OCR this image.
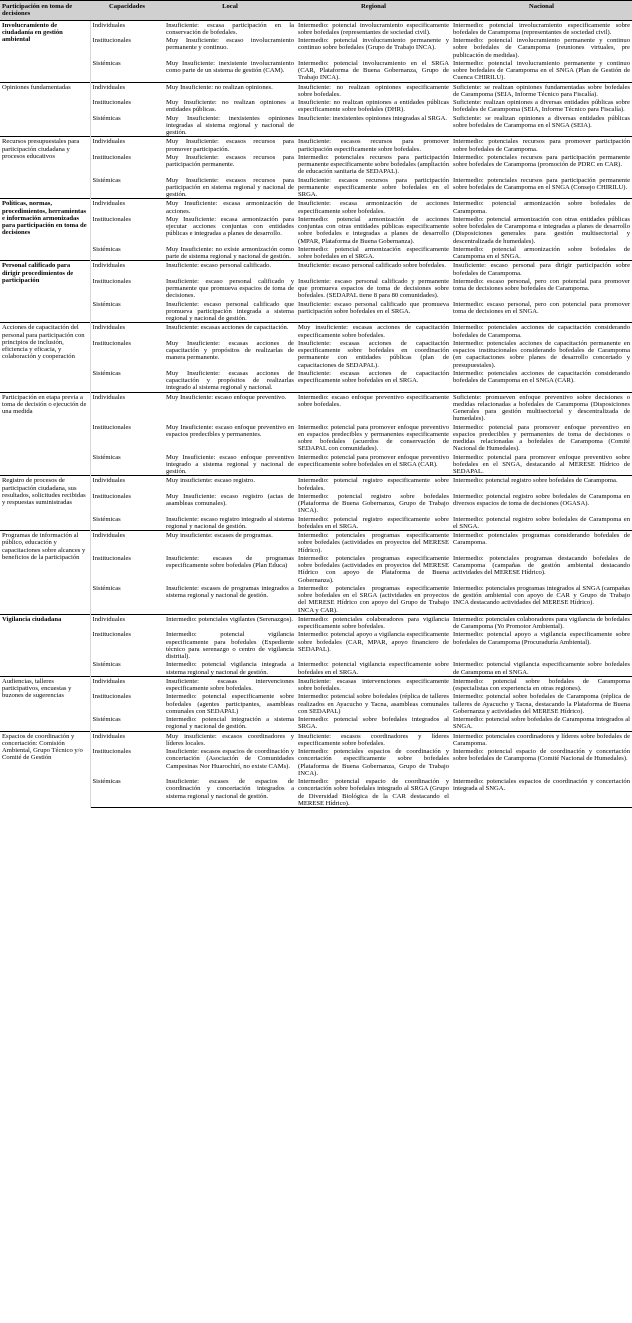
Participación en toma de decisiones	Capacidades	Local	Regional	Nacional
Involucramiento de ciudadanía en gestión ambiental	Individuales	Insuficiente: escasa participación en la conservación de bofedales.	Intermedio: potencial involucramiento especificamente sobre bofedales (representantes de sociedad civil).	Intermedio: potencial involucramiento especificamente sobre bofedales de Carampoma (representantes de sociedad civil).
	Institucionales	Muy Insuficiente: escaso involucramiento permanente y continuo.	Intermedio: potencial involucramiento permanente y continuo sobre bofedales (Grupo de Trabajo INCA).	Intermedio: potencial involucramiento permanente y continuo sobre bofedales de Carampoma (reuniones virtuales, pre publicación de medidas).
	Sistémicas	Muy Insuficiente: inexistente involucramiento como parte de un sistema de gestión (CAM).	Intermedio: potencial involucramiento en el SRGA (CAR, Plataforma de Buena Gobernanza, Grupo de Trabajo INCA).	Intermedio: potencial involucramiento permanente y continuo sobre bofedales de Carampoma en el SNGA (Plan de Gestión de Cuenca CHIRILU).
Opiniones fundamentadas	Individuales	Muy Insuficiente: no realizan opiniones.	Insuficiente: no realizan opiniones especificamente sobre bofedales.	Suficiente: se realizan opiniones fundamentadas sobre bofedales de Carampoma (SEIA, Informe Técnico para Fiscalía).
	Institucionales	Muy Insuficiente: no realizan opiniones a entidades públicas.	Insuficiente: no realizan opiniones a entidades públicas especificamente sobre bofedales (DHR).	Suficiente: realizan opiniones a diversas entidades públicas sobre bofedales de Carampoma (SEIA, Informe Técnico para Fiscalía).
	Sistémicas	Muy Insuficiente: inexistentes opiniones integradas al sistema regional y nacional de gestión.	Insuficiente: inexistentes opiniones integradas al SRGA.	Suficiente: se realizan opiniones a diversas entidades públicas sobre bofedales de Carampoma en el SNGA (SEIA).
Recursos presupuestales para participación ciudadana y procesos educativos	Individuales	Muy Insuficiente: escasos recursos para promover participación.	Insuficiente: escasos recursos para promover participación especificamente sobre bofedales.	Intermedio: potenciales recursos para promover participación sobre bofedales de Carampoma.
	Institucionales	Muy Insuficiente: escasos recursos para participación permanente.	Intermedio: potenciales recursos para participación permanente especificamente sobre bofedales (ampliación de educación sanitaria de SEDAPAL).	Intermedio: potenciales recursos para participación permanente sobre bofedales de Carampoma (promoción de PDRC en CAR).
	Sistémicas	Muy Insuficiente: escasos recursos para participación en sistema regional y nacional de gestión.	Insuficiente: escasos recursos para participación permanente especificamente sobre bofedales en el SRGA.	Intermedio: potenciales recursos para participación permanente sobre bofedales de Carampoma en el SNGA (Consejo CHIRILU).
Políticas, normas, procedimientos, herramientas e información armonizadas para participación en toma de decisiones	Individuales	Muy Insuficiente: escasa armonización de acciones.	Insuficiente: escasa armonización de acciones especificamente sobre bofedales.	Intermedio: potencial armonización sobre bofedales de Carampoma.
	Institucionales	Muy Insuficiente: escasa armonización para ejecutar acciones conjuntas con entidades públicas e integradas a planes de desarrollo.	Intermedio: potencial armonización de acciones conjuntas con otras entidades públicas especificamente sobre bofedales e integradas a planes de desarrollo (MPAR, Plataforma de Buena Gobernanza).	Intermedio: potencial armonización con otras entidades públicas sobre bofedales de Carampoma e integradas a planes de desarrollo (Disposiciones generales para gestión multisectorial y descentralizada de humedales).
	Sistémicas	Muy Insuficiente: no existe armonización como parte de sistema regional y nacional de gestión.	Intermedio: potencial armonización especificamente sobre bofedales en el SRGA.	Intermedio: potencial armonización sobre bofedales de Carampoma en el SNGA.
Personal calificado para dirigir procedimientos de participación	Individuales	Insuficiente: escaso personal calificado.	Insuficiente: escaso personal calificado sobre bofedales.	Insuficiente: escaso personal para dirigir participación sobre bofedales de Carampoma.
	Institucionales	Insuficiente: escaso personal calificado y permanente que promueva espacios de toma de decisiones.	Insuficiente: escaso personal calificado y permanente que promueva espacios de toma de decisiones sobre bofedales. (SEDAPAL tiene 8 para 80 comunidades).	Intermedio: escaso personal, pero con potencial para promover toma de decisiones sobre bofedales de Carampoma.
	Sistémicas	Insuficiente: escaso personal calificado que promueva participación integrada a sistema regional y nacional de gestión.	Insuficiente: escaso personal calificado que promueva participación sobre bofedales en el SRGA.	Intermedio: escaso personal, pero con potencial para promover toma de decisiones en el SNGA.
Acciones de capacitación del personal para participación con principios de inclusión, eficiencia y eficacia, y colaboración y cooperación	Individuales	Insuficiente: escasas acciones de capacitación.	Muy insuficiente: escasas acciones de capacitación especificamente sobre bofedales.	Intermedio: potenciales acciones de capacitación considerando bofedales de Carampoma.
	Institucionales	Muy Insuficiente: escasas acciones de capacitación y propósitos de realizarlas de manera permanente.	Insuficiente: escasas acciones de capacitación especificamente sobre bofedales en coordinación permanente con entidades públicas (plan de capacitaciones de SEDAPAL).	Intermedio: potenciales acciones de capacitación permanente en espacios institucionales considerando bofedales de Carampoma (en capacitaciones sobre planes de desarrollo concertado y presupuestales).
	Sistémicas	Muy Insuficiente: escasas acciones de capacitación y propósitos de realizarlas integrado al sistema regional y nacional.	Insuficiente: escasas acciones de capacitación especificamente sobre bofedales en el SRGA.	Intermedio: potenciales acciones de capacitación considerando bofedales de Carampoma en el SNGA (CAR).
Participación en etapa previa a toma de decisión o ejecución de una medida	Individuales	Muy Insuficiente: escaso enfoque preventivo.	Intermedio: escaso enfoque preventivo especificamente sobre bofedales.	Suficiente: promueven enfoque preventivo sobre decisiones o medidas relacionadas a bofedales de Carampoma (Disposiciones Generales para gestión multisectorial y descentralizada de humedales).
	Institucionales	Muy Insuficiente: escaso enfoque preventivo en espacios predecibles y permanentes.	Intermedio: potencial para promover enfoque preventivo en espacios predecibles y permanentes especificamente sobre bofedales (acuerdos de conservación de SEDAPAL con comunidades).	Intermedio: potencial para promover enfoque preventivo en espacios predecibles y permanentes de toma de decisiones o medidas relacionadas a bofedales de Carampoma (Comité Nacional de Humedales).
	Sistémicas	Muy Insuficiente: escaso enfoque preventivo integrado a sistema regional y nacional de gestión.	Intermedio: potencial para promover enfoque preventivo especificamente sobre bofedales en el SRGA (CAR).	Intermedio: potencial para promover enfoque preventivo sobre bofedales en el SNGA, destacando al MERESE Hídrico de SEDAPAL.
Registro de procesos de participación ciudadana, sus resultados, solicitudes recibidas y respuestas suministradas	Individuales	Muy insuficiente: escaso registro.	Intermedio: potencial registro especificamente sobre bofedales.	Intermedio: potencial registro sobre bofedales de Carampoma.
	Institucionales	Muy Insuficiente: escaso registro (actas de asambleas comunales).	Intermedio: potencial registro sobre bofedales (Plataforma de Buena Gobernanza, Grupo de Trabajo INCA).	Intermedio: potencial registro sobre bofedales de Carampoma en diversos espacios de toma de decisiones (OGASA).
	Sistémicas	Insuficiente: escaso registro integrado al sistema regional y nacional de gestión.	Intermedio: potencial registro especificamente sobre bofedales en el SRGA.	Intermedio: potencial registro sobre bofedales de Carampoma en el SNGA.
Programas de información al público, educación y capacitaciones sobre alcances y beneficios de la participación	Individuales	Muy insuficiente: escases de programas.	Intermedio: potenciales programas especificamente sobre bofedales (actividades en proyectos del MERESE Hídrico).	Intermedio: potenciales programas considerando bofedales de Carampoma.
	Institucionales	Insuficiente: escases de programas especificamente sobre bofedales (Plan Educa)	Intermedio: potenciales programas especificamente sobre bofedales (actividades en proyectos del MERESE Hídrico con apoyo de Plataforma de Buena Gobernanza).	Intermedio: potenciales programas destacando bofedales de Carampoma (campañas de gestión ambiental destacando actividades del MERESE Hídrico).
	Sistémicas	Insuficiente: escases de programas integrados a sistema regional y nacional de gestión.	Intermedio: potenciales programas especificamente sobre bofedales en el SRGA (actividades en proyectos del MERESE Hídrico con apoyo del Grupo de Trabajo INCA y CAR).	Intermedio: potenciales programas integrados al SNGA (campañas de gestión ambiental con apoyo de CAR y Grupo de Trabajo INCA destacando actividades del MERESE Hídrico).
Vigilancia ciudadana	Individuales	Intermedio: potenciales vigilantes (Serenazgos).	Intermedio: potenciales colaboradores para vigilancia especificamente sobre bofedales.	Intermedio: potenciales colaboradores para vigilancia de bofedales de Carampoma (Yo Promotor Ambiental).
	Institucionales	Intermedio: potencial vigilancia especificamente para bofedales (Expediente técnico para serenazgo o centro de vigilancia distrital).	Intermedio: potencial apoyo a vigilancia especificamente sobre bofedales (CAR, MPAR, apoyo financiero de SEDAPAL).	Intermedio: potencial apoyo a vigilancia especificamente sobre bofedales de Carampoma (Procuraduría Ambiental).
	Sistémicas	Intermedio: potencial vigilancia integrada a sistema regional y nacional de gestión.	Intermedio: potencial vigilancia especificamente sobre bofedales en el SRGA.	Intermedio: potencial vigilancia especificamente sobre bofedales de Carampoma en el SNGA.
Audiencias, talleres participativos, encuestas y buzones de sugerencias	Individuales	Insuficiente: escasas intervenciones especificamente sobre bofedales.	Insuficiente: escasas intervenciones especificamente sobre bofedales.	Intermedio: potencial sobre bofedales de Carampoma (especialistas con experiencia en otras regiones).
	Institucionales	Intermedio: potencial especificamente sobre bofedales (agentes participantes, asambleas comunales con SEDAPAL)	Intermedio: potencial sobre bofedales (réplica de talleres realizados en Ayacucho y Tacna, asambleas comunales con SEDAPAL)	Intermedio: potencial sobre bofedales de Carampoma (réplica de talleres de Ayacucho y Tacna, destacando la Plataforma de Buena Gobernanza y actividades del MERESE Hídrico).
	Sistémicas	Intermedio: potencial integración a sistema regional y nacional de gestión.	Intermedio: potencial sobre bofedales integrados al SRGA.	Intermedio: potencial sobre bofedales de Carampoma integrados al SNGA.
Espacios de coordinación y concertación: Comisión Ambiental, Grupo Técnico y/o Comité de Gestión	Individuales	Muy insuficiente: escasos coordinadores y líderes locales.	Insuficiente: escasos coordinadores y líderes especificamente sobre bofedales.	Intermedio: potenciales coordinadores y líderes sobre bofedales de Carampoma.
	Institucionales	Insuficiente: escasos espacios de coordinación y concertación (Asociación de Comunidades Campesinas Nor Huarochirí, no existe CAMs).	Intermedio: potenciales espacios de coordinación y concertación especificamente sobre bofedales (Plataforma de Buena Gobernanza, Grupo de Trabajo INCA).	Intermedio: potencial espacio de coordinación y concertación sobre bofedales de Carampoma (Comité Nacional de Humedales).
	Sistémicas	Insuficiente: escases de espacios de coordinación y concertación integrados a sistema regional y nacional de gestión.	Intermedio: potencial espacio de coordinación y concertación sobre bofedales integrado al SRGA (Grupo de Diversidad Biológica de la CAR destacando el MERESE Hídrico).	Intermedio: potenciales espacios de coordinación y concertación integrada al SNGA.
